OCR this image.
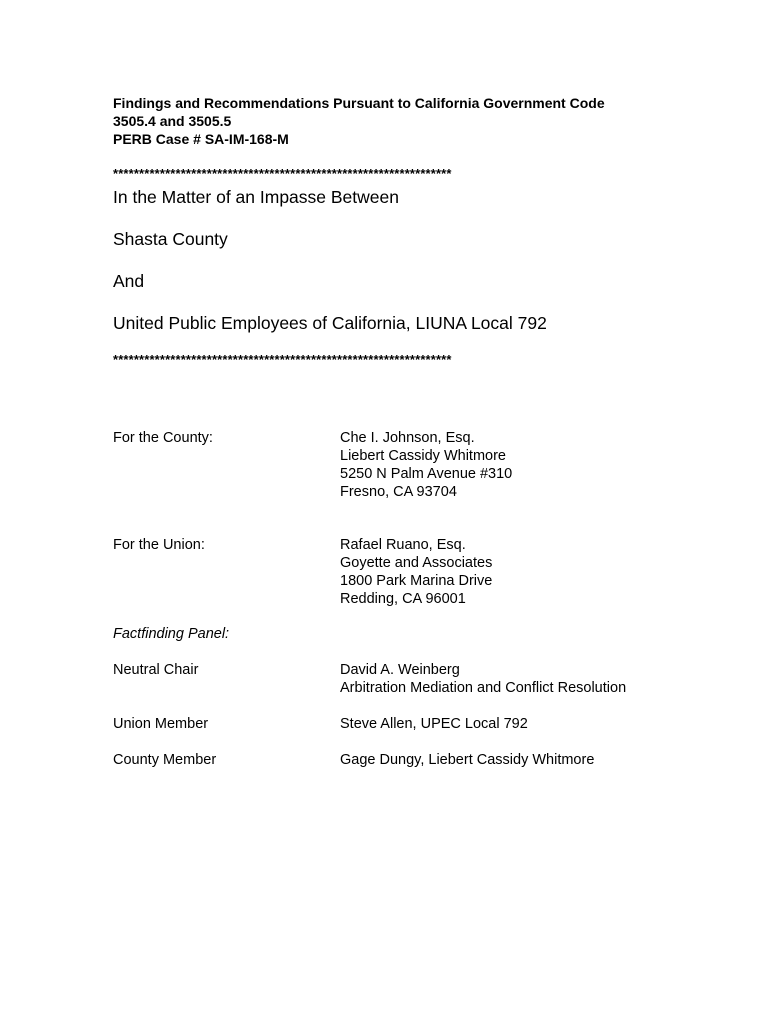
Findings and Recommendations Pursuant to California Government Code
3505.4 and 3505.5
PERB Case # SA-IM-168-M
*****************************************************************
In the Matter of an Impasse Between
Shasta County
And
United Public Employees of California, LIUNA Local 792
*****************************************************************
For the County:	Che I. Johnson, Esq.
Liebert Cassidy Whitmore
5250 N Palm Avenue #310
Fresno, CA 93704
For the Union:	Rafael Ruano, Esq.
Goyette and Associates
1800 Park Marina Drive
Redding, CA 96001
Factfinding Panel:
Neutral Chair	David A. Weinberg
Arbitration Mediation and Conflict Resolution
Union Member	Steve Allen, UPEC Local 792
County Member	Gage Dungy, Liebert Cassidy Whitmore
